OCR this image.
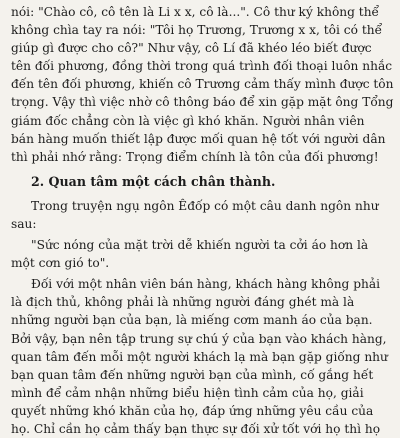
nói: "Chào cô, cô tên là Li x x, cô là...". Cô thư ký không thể
không chìa tay ra nói: "Tôi họ Trương, Trương x x, tôi có thể
giúp gì được cho cô?" Như vậy, cô Lí đã khéo léo biết được
tên đối phương, đồng thời trong quá trình đối thoại luôn nhắc
đến tên đối phương, khiến cô Trương cảm thấy mình được tôn
trọng. Vậy thì việc nhờ cô thông báo để xin gặp mặt ông Tổng
giám đốc chẳng còn là việc gì khó khăn. Người nhân viên
bán hàng muốn thiết lập được mối quan hệ tốt với người dân
thì phải nhớ rằng: Trọng điểm chính là tôn của đối phương!
2. Quan tâm một cách chân thành.
Trong truyện ngụ ngôn Êđốp có một câu danh ngôn như
sau:
"Sức nóng của mặt trời dễ khiến người ta cởi áo hơn là
một cơn gió to".
Đối với một nhân viên bán hàng, khách hàng không phải
là địch thủ, không phải là những người đáng ghét mà là
những người bạn của bạn, là miếng cơm manh áo của bạn.
Bởi vậy, bạn nên tập trung sự chú ý của bạn vào khách hàng,
quan tâm đến mỗi một người khách lạ mà bạn gặp giống như
bạn quan tâm đến những người bạn của mình, cố gắng hết
mình để cảm nhận những biểu hiện tình cảm của họ, giải
quyết những khó khăn của họ, đáp ứng những yêu cầu của
họ. Chỉ cần họ cảm thấy bạn thực sự đối xử tốt với họ thì họ
